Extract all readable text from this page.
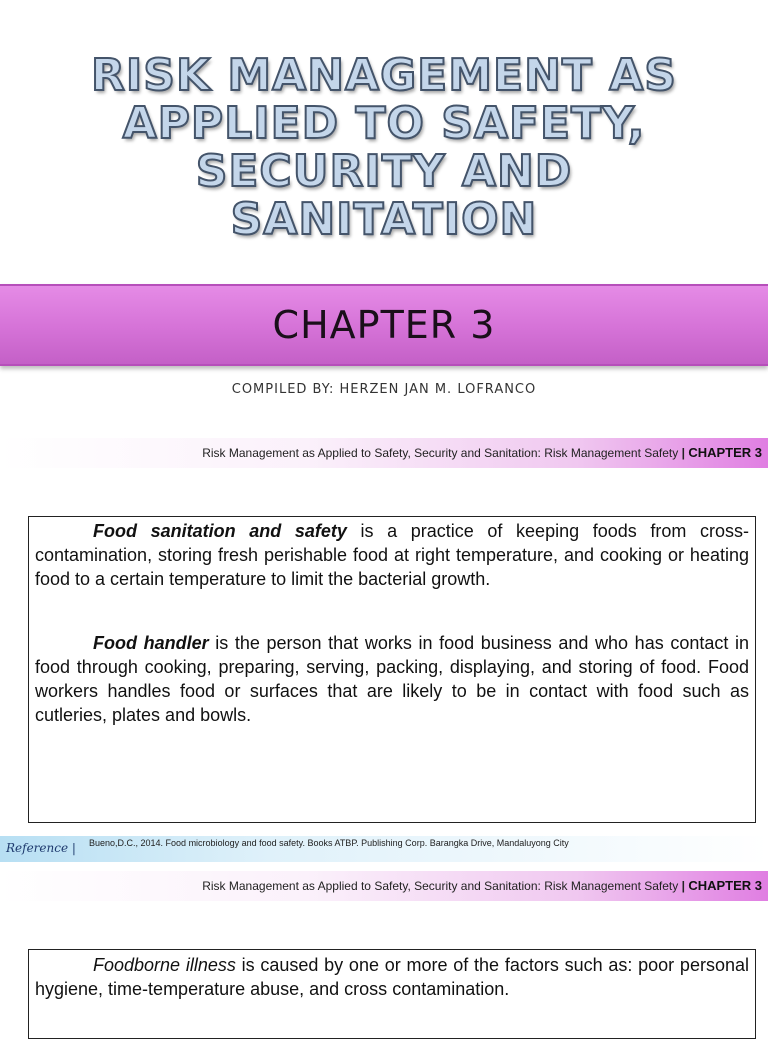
RISK MANAGEMENT AS
APPLIED TO SAFETY,
SECURITY AND
SANITATION
CHAPTER 3
COMPILED BY: HERZEN JAN M. LOFRANCO
Risk Management as Applied to Safety, Security and Sanitation: Risk Management Safety | CHAPTER 3

Food sanitation and safety is a practice of keeping foods from cross-contamination, storing fresh perishable food at right temperature, and cooking or heating food to a certain temperature to limit the bacterial growth.

Food handler is the person that works in food business and who has contact in food through cooking, preparing, serving, packing, displaying, and storing of food. Food workers handles food or surfaces that are likely to be in contact with food such as cutleries, plates and bowls.

Reference | Bueno,D.C., 2014. Food microbiology and food safety. Books ATBP. Publishing Corp. Barangka Drive, Mandaluyong City
Risk Management as Applied to Safety, Security and Sanitation: Risk Management Safety | CHAPTER 3

Foodborne illness is caused by one or more of the factors such as: poor personal hygiene, time-temperature abuse, and cross contamination.
